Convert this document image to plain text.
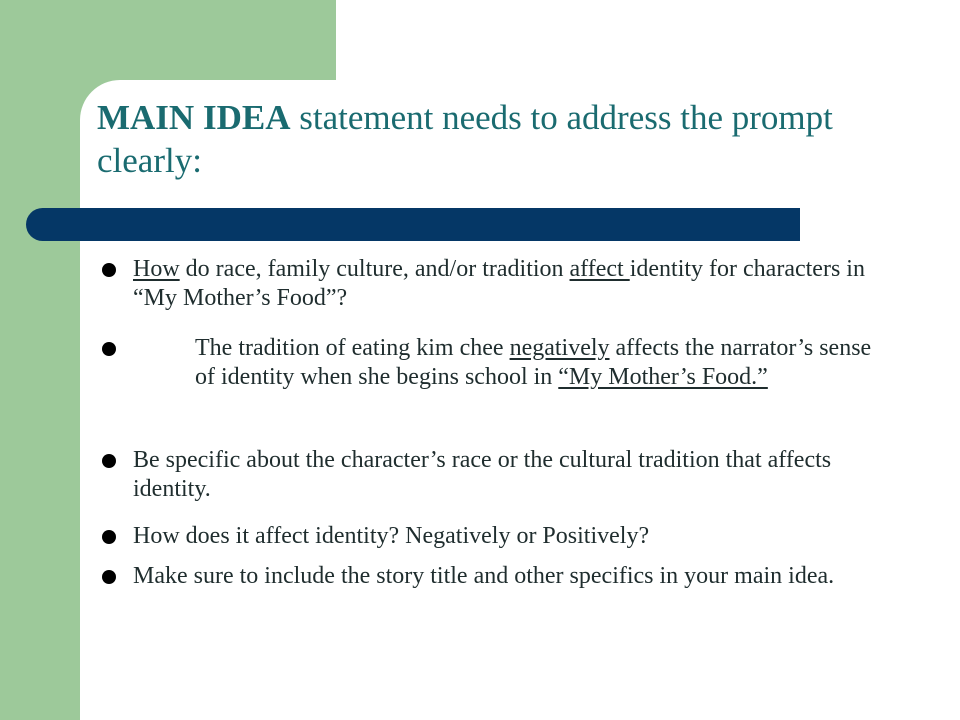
MAIN IDEA statement needs to address the prompt clearly:
How do race, family culture, and/or tradition affect identity for characters in “My Mother’s Food”?
The tradition of eating kim chee negatively affects the narrator’s sense of identity when she begins school in “My Mother’s Food.”
Be specific about the character’s race or the cultural tradition that affects identity.
How does it affect identity? Negatively or Positively?
Make sure to include the story title and other specifics in your main idea.
